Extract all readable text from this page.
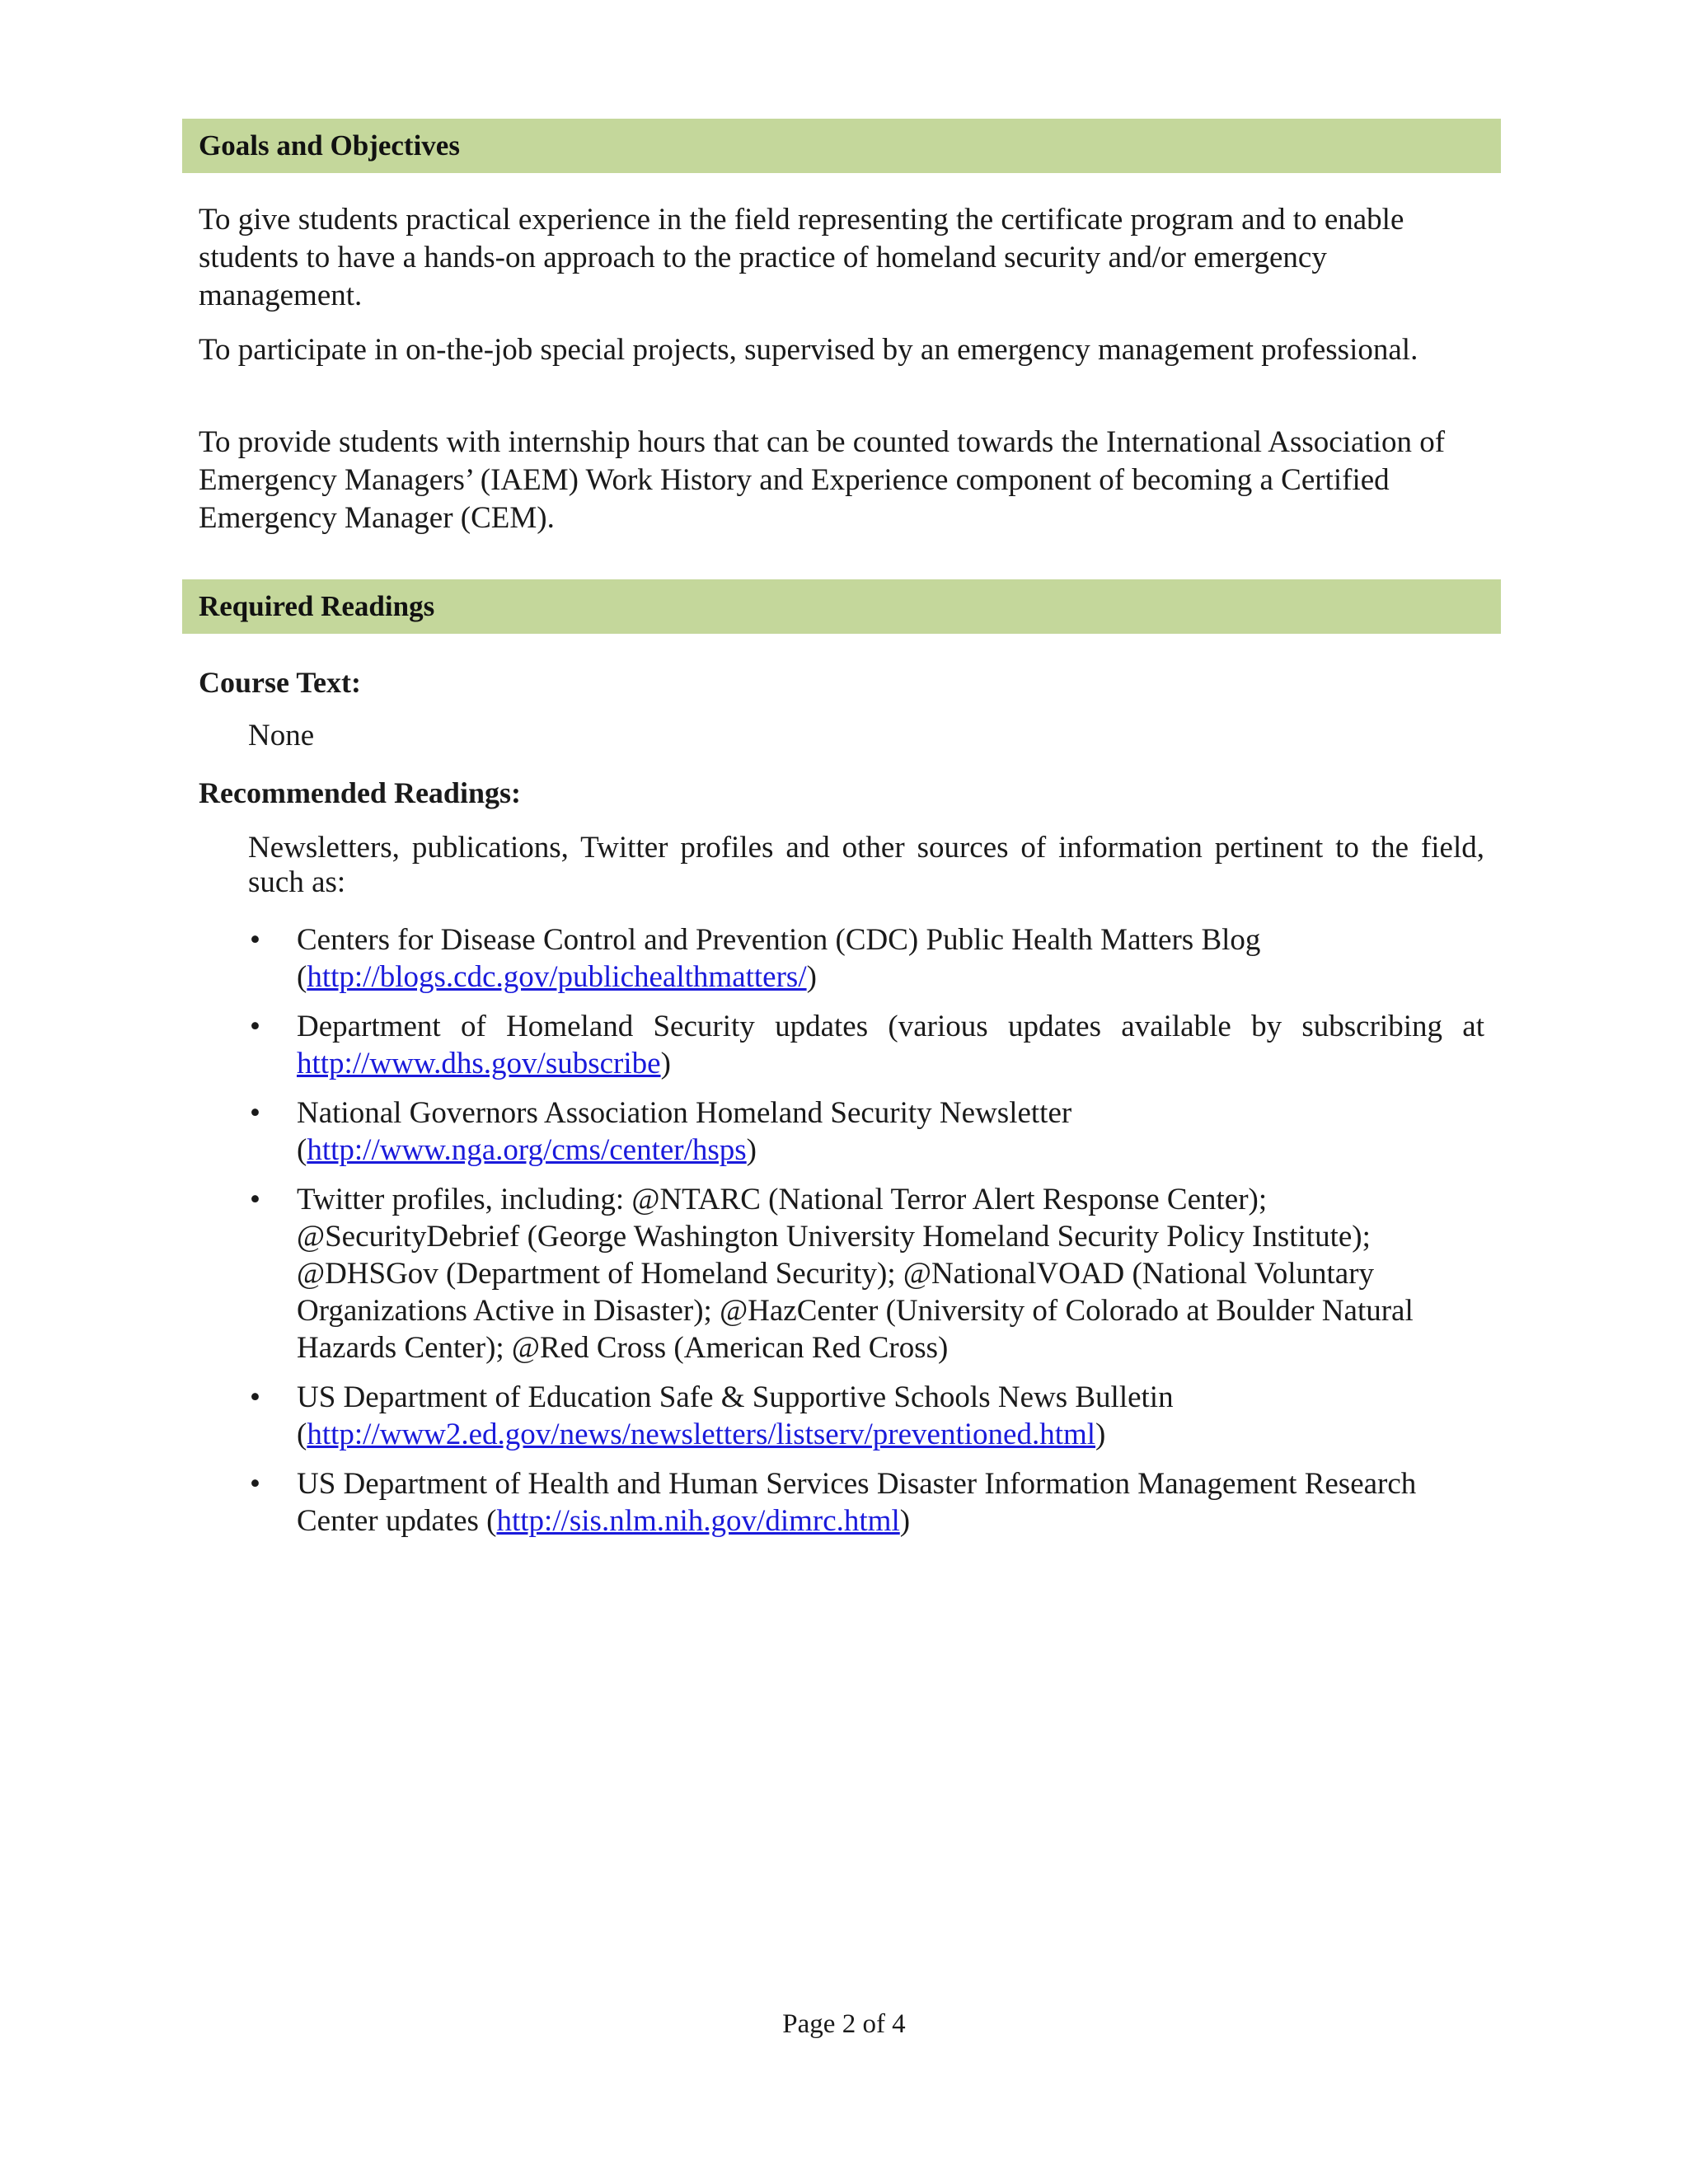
Goals and Objectives

To give students practical experience in the field representing the certificate program and to enable students to have a hands-on approach to the practice of homeland security and/or emergency management.

To participate in on-the-job special projects, supervised by an emergency management professional.

To provide students with internship hours that can be counted towards the International Association of Emergency Managers’ (IAEM) Work History and Experience component of becoming a Certified Emergency Manager (CEM).

Required Readings

Course Text:

None

Recommended Readings:

Newsletters, publications, Twitter profiles and other sources of information pertinent to the field, such as:

• Centers for Disease Control and Prevention (CDC) Public Health Matters Blog (http://blogs.cdc.gov/publichealthmatters/)
• Department of Homeland Security updates (various updates available by subscribing at http://www.dhs.gov/subscribe)
• National Governors Association Homeland Security Newsletter (http://www.nga.org/cms/center/hsps)
• Twitter profiles, including: @NTARC (National Terror Alert Response Center); @SecurityDebrief (George Washington University Homeland Security Policy Institute); @DHSGov (Department of Homeland Security); @NationalVOAD (National Voluntary Organizations Active in Disaster); @HazCenter (University of Colorado at Boulder Natural Hazards Center); @Red Cross (American Red Cross)
• US Department of Education Safe & Supportive Schools News Bulletin (http://www2.ed.gov/news/newsletters/listserv/preventioned.html)
• US Department of Health and Human Services Disaster Information Management Research Center updates (http://sis.nlm.nih.gov/dimrc.html)
Page 2 of 4
